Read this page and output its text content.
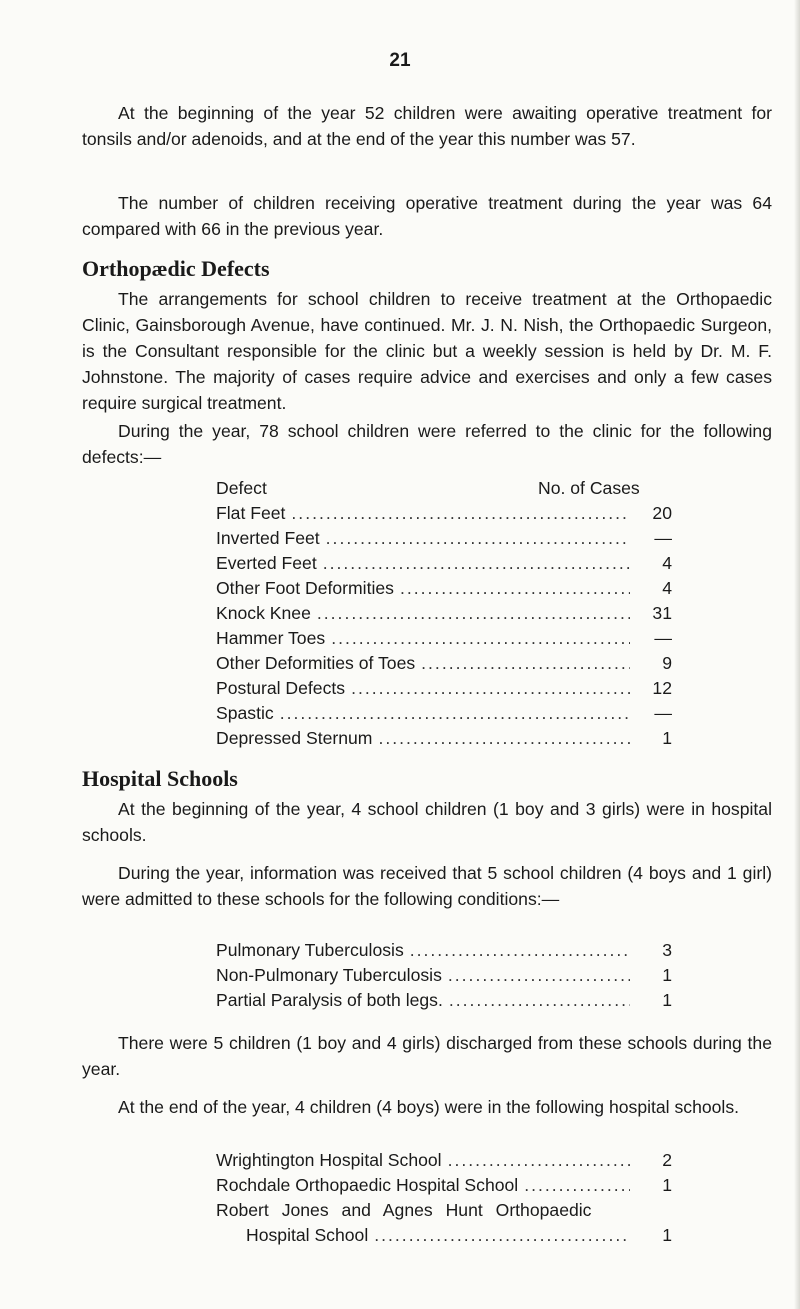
21

At the beginning of the year 52 children were awaiting operative treatment for tonsils and/or adenoids, and at the end of the year this number was 57.

The number of children receiving operative treatment during the year was 64 compared with 66 in the previous year.

Orthopædic Defects

The arrangements for school children to receive treatment at the Orthopaedic Clinic, Gainsborough Avenue, have continued. Mr. J. N. Nish, the Orthopaedic Surgeon, is the Consultant responsible for the clinic but a weekly session is held by Dr. M. F. Johnstone. The majority of cases require advice and exercises and only a few cases require surgical treatment.

During the year, 78 school children were referred to the clinic for the following defects:—

Defect	No. of Cases
Flat Feet .....	20
Inverted Feet .....	—
Everted Feet .....	4
Other Foot Deformities .....	4
Knock Knee .....	31
Hammer Toes .....	—
Other Deformities of Toes .....	9
Postural Defects .....	12
Spastic .....	—
Depressed Sternum .....	1
Hospital Schools

At the beginning of the year, 4 school children (1 boy and 3 girls) were in hospital schools.

During the year, information was received that 5 school children (4 boys and 1 girl) were admitted to these schools for the following conditions:—

Pulmonary Tuberculosis .....	3
Non-Pulmonary Tuberculosis .....	1
Partial Paralysis of both legs. .....	1

There were 5 children (1 boy and 4 girls) discharged from these schools during the year.

At the end of the year, 4 children (4 boys) were in the following hospital schools.

Wrightington Hospital School .....	2
Rochdale Orthopaedic Hospital School .....	1
Robert Jones and Agnes Hunt Orthopaedic
Hospital School .....	1
